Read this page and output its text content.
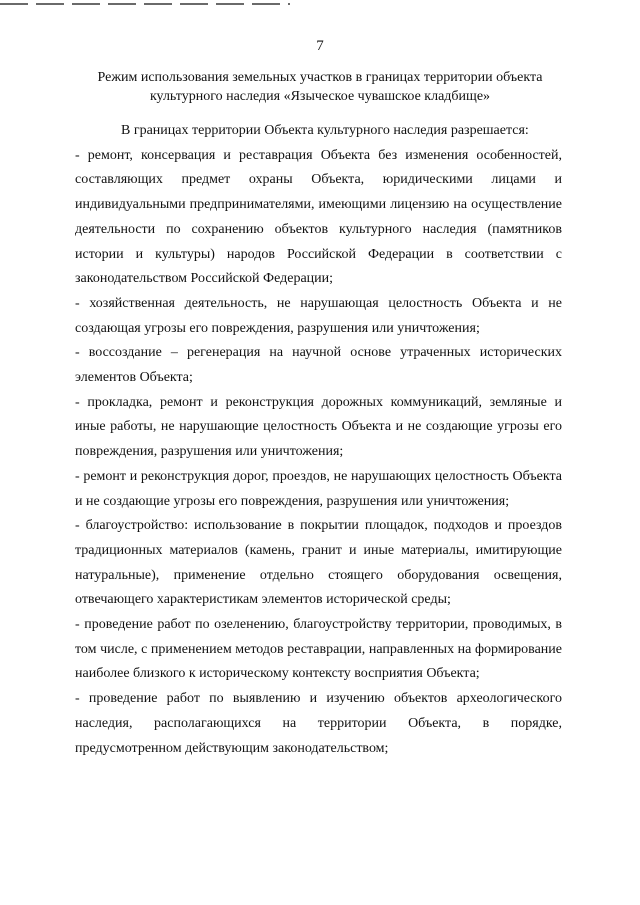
7
Режим использования земельных участков в границах территории объекта
культурного наследия «Языческое чувашское кладбище»

В границах территории Объекта культурного наследия разрешается:

- ремонт, консервация и реставрация Объекта без изменения особенностей, составляющих предмет охраны Объекта, юридическими лицами и индивидуальными предпринимателями, имеющими лицензию на осуществление деятельности по сохранению объектов культурного наследия (памятников истории и культуры) народов Российской Федерации в соответствии с законодательством Российской Федерации;

- хозяйственная деятельность, не нарушающая целостность Объекта и не создающая угрозы его повреждения, разрушения или уничтожения;

- воссоздание – регенерация на научной основе утраченных исторических элементов Объекта;

- прокладка, ремонт и реконструкция дорожных коммуникаций, земляные и иные работы, не нарушающие целостность Объекта и не создающие угрозы его повреждения, разрушения или уничтожения;

- ремонт и реконструкция дорог, проездов, не нарушающих целостность Объекта и не создающие угрозы его повреждения, разрушения или уничтожения;

- благоустройство: использование в покрытии площадок, подходов и проездов традиционных материалов (камень, гранит и иные материалы, имитирующие натуральные), применение отдельно стоящего оборудования освещения, отвечающего характеристикам элементов исторической среды;

- проведение работ по озеленению, благоустройству территории, проводимых, в том числе, с применением методов реставрации, направленных на формирование наиболее близкого к историческому контексту восприятия Объекта;

- проведение работ по выявлению и изучению объектов археологического наследия, располагающихся на территории Объекта, в порядке, предусмотренном действующим законодательством;
